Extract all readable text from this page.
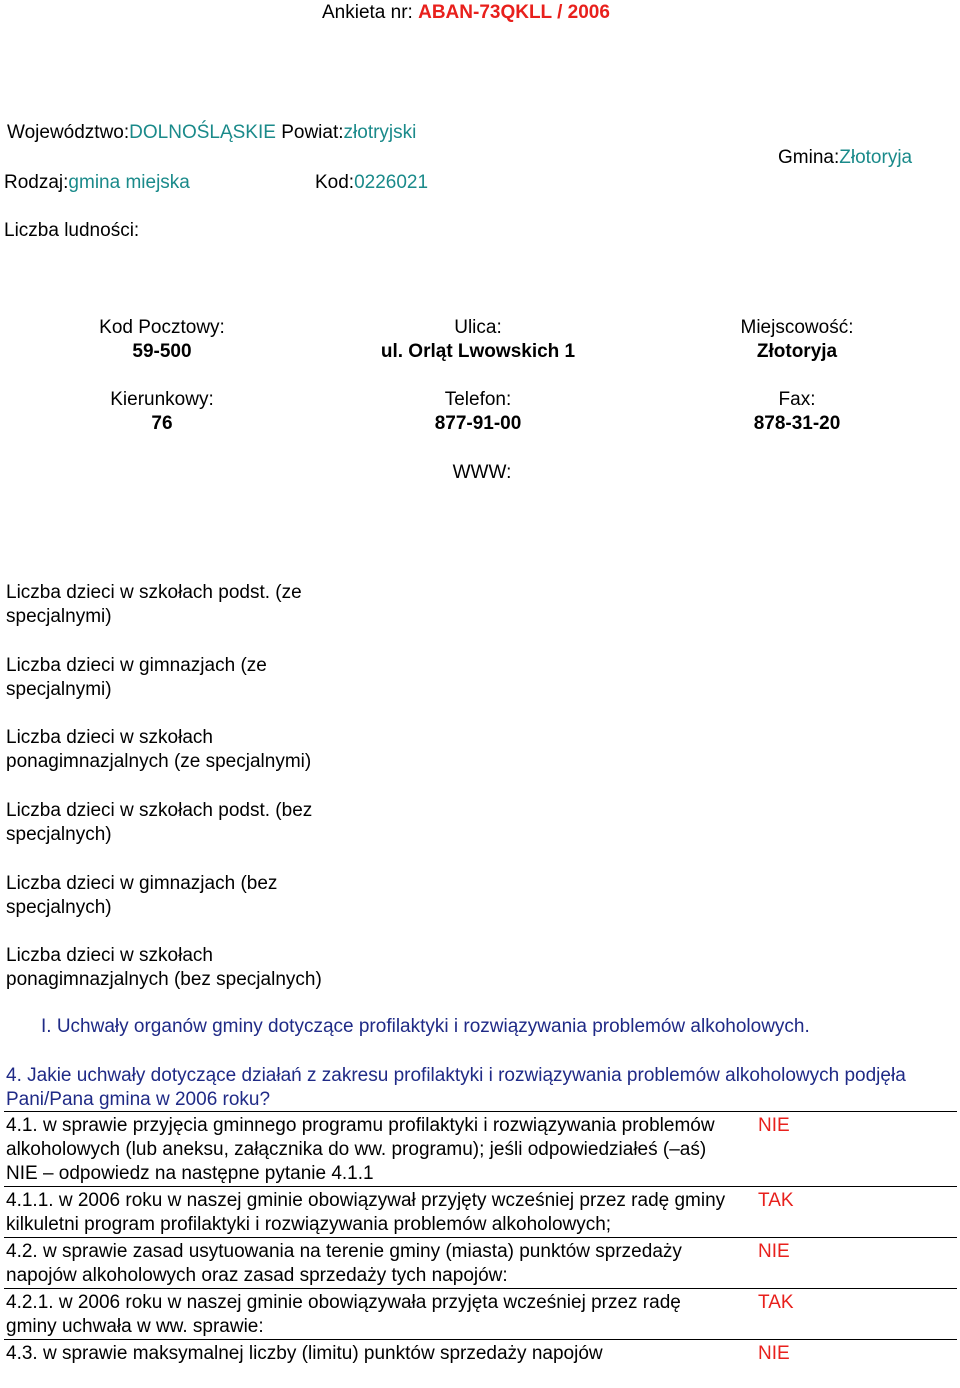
Ankieta nr: ABAN-73QKLL / 2006
Województwo:DOLNOŚLĄSKIE Powiat:złotryjski
Gmina:Złotoryja
Rodzaj:gmina miejska	Kod:0226021
Liczba ludności:
Kod Pocztowy:
59-500
Ulica:
ul. Orląt Lwowskich 1
Miejscowość:
Złotoryja
Kierunkowy:
76
Telefon:
877-91-00
Fax:
878-31-20
WWW:
Liczba dzieci w szkołach podst. (ze specjalnymi)
Liczba dzieci w gimnazjach (ze specjalnymi)
Liczba dzieci w szkołach ponagimnazjalnych (ze specjalnymi)
Liczba dzieci w szkołach podst. (bez specjalnych)
Liczba dzieci w gimnazjach (bez specjalnych)
Liczba dzieci w szkołach ponagimnazjalnych (bez specjalnych)
I. Uchwały organów gminy dotyczące profilaktyki i rozwiązywania problemów alkoholowych.
4. Jakie uchwały dotyczące działań z zakresu profilaktyki i rozwiązywania problemów alkoholowych podjęła Pani/Pana gmina w 2006 roku?
4.1. w sprawie przyjęcia gminnego programu profilaktyki i rozwiązywania problemów alkoholowych (lub aneksu, załącznika do ww. programu); jeśli odpowiedziałeś (–aś) NIE – odpowiedz na następne pytanie 4.1.1	NIE
4.1.1. w 2006 roku w naszej gminie obowiązywał przyjęty wcześniej przez radę gminy kilkuletni program profilaktyki i rozwiązywania problemów alkoholowych;	TAK
4.2. w sprawie zasad usytuowania na terenie gminy (miasta) punktów sprzedaży napojów alkoholowych oraz zasad sprzedaży tych napojów:	NIE
4.2.1. w 2006 roku w naszej gminie obowiązywała przyjęta wcześniej przez radę gminy uchwała w ww. sprawie:	TAK
4.3. w sprawie maksymalnej liczby (limitu) punktów sprzedaży napojów	NIE
